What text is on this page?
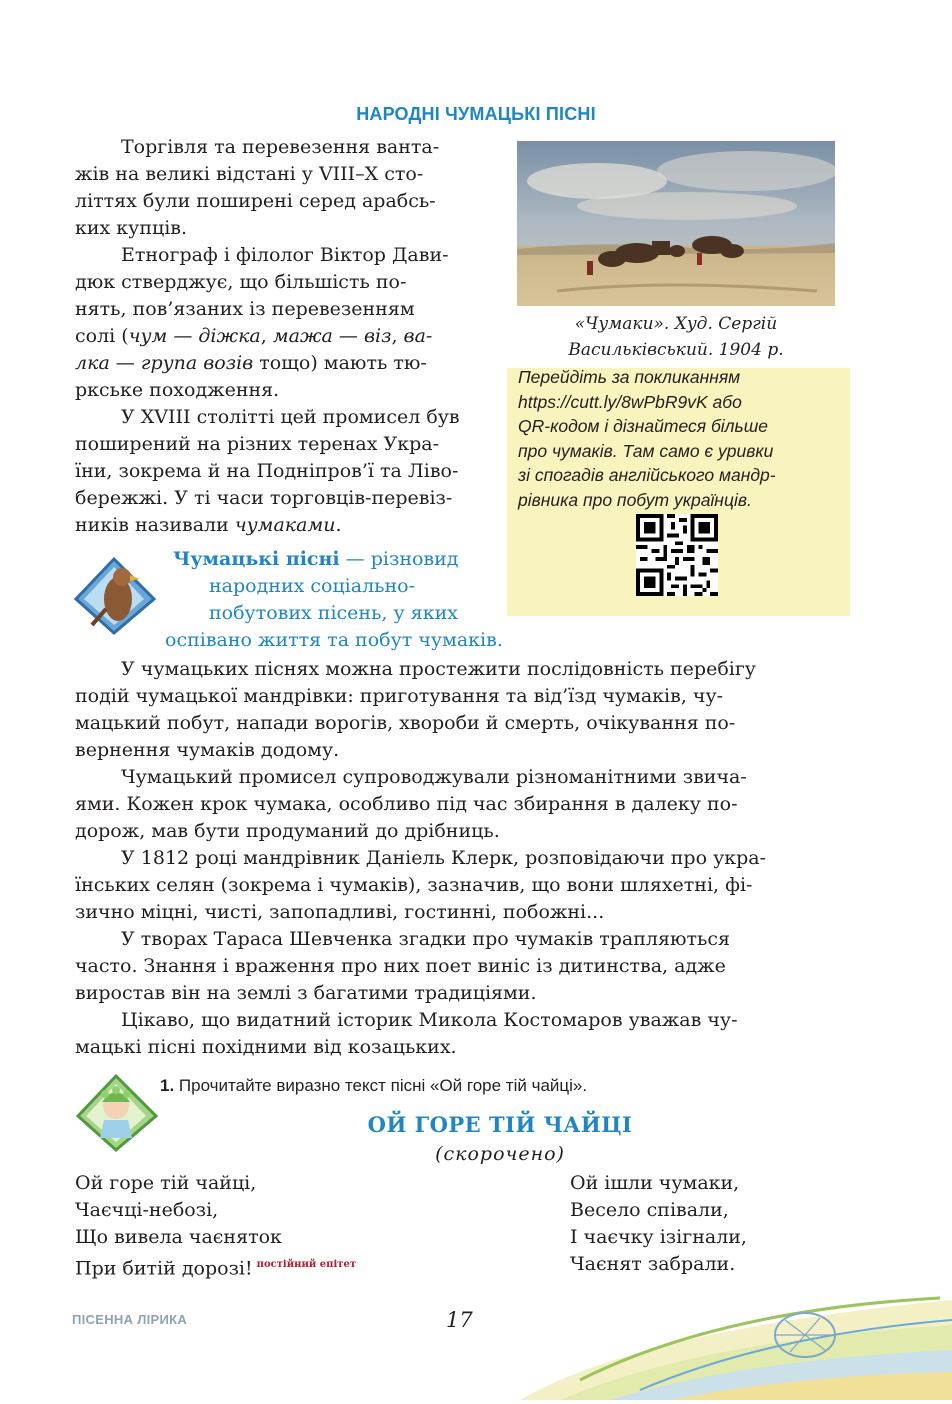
НАРОДНІ ЧУМАЦЬКІ ПІСНІ

Торгівля та перевезення ванта-
жів на великі відстані у VIII–X сто-
літтях були поширені серед арабсь-
ких купців.

Етнограф і філолог Віктор Дави-
дюк стверджує, що більшість по-
нять, пов’язаних із перевезенням
солі (чум — діжка, мажа — віз, ва-
лка — група возів тощо) мають тю-
ркське походження.

У XVIII столітті цей промисел був
поширений на різних теренах Укра-
їни, зокрема й на Подніпров’ї та Ліво-
бережжі. У ті часи торговців-перевіз-
ників називали чумаками.

«Чумаки». Худ. Сергій
Васильківський. 1904 р.
Перейдіть за покликанням
https://cutt.ly/8wPbR9vK або
QR-кодом і дізнайтеся більше
про чумаків. Там само є уривки
зі спогадів англійського мандр-
рівника про побут українців.
Чумацькі пісні — різновид
народних соціально-
побутових пісень, у яких
оспівано життя та побут чумаків.

У чумацьких піснях можна простежити послідовність перебігу
подій чумацької мандрівки: приготування та від’їзд чумаків, чу-
мацький побут, напади ворогів, хвороби й смерть, очікування по-
вернення чумаків додому.

Чумацький промисел супроводжували різноманітними звича-
ями. Кожен крок чумака, особливо під час збирання в далеку по-
дорож, мав бути продуманий до дрібниць.

У 1812 році мандрівник Даніель Клерк, розповідаючи про укра-
їнських селян (зокрема і чумаків), зазначив, що вони шляхетні, фі-
зично міцні, чисті, запопадливі, гостинні, побожні...

У творах Тараса Шевченка згадки про чумаків трапляються
часто. Знання і враження про них поет виніс із дитинства, адже
виростав він на землі з багатими традиціями.

Цікаво, що видатний історик Микола Костомаров уважав чу-
мацькі пісні похідними від козацьких.

1. Прочитайте виразно текст пісні «Ой горе тій чайці».
ОЙ ГОРЕ ТІЙ ЧАЙЦІ
(скорочено)
Ой горе тій чайці,
Чаєчці-небозі,
Що вивела чаєняток
При битій дорозі! $^{постійний епітет}$
Ой ішли чумаки,
Весело співали,
І чаєчку ізігнали,
Чаєнят забрали.
ПІСЕННА ЛІРИКА	17
